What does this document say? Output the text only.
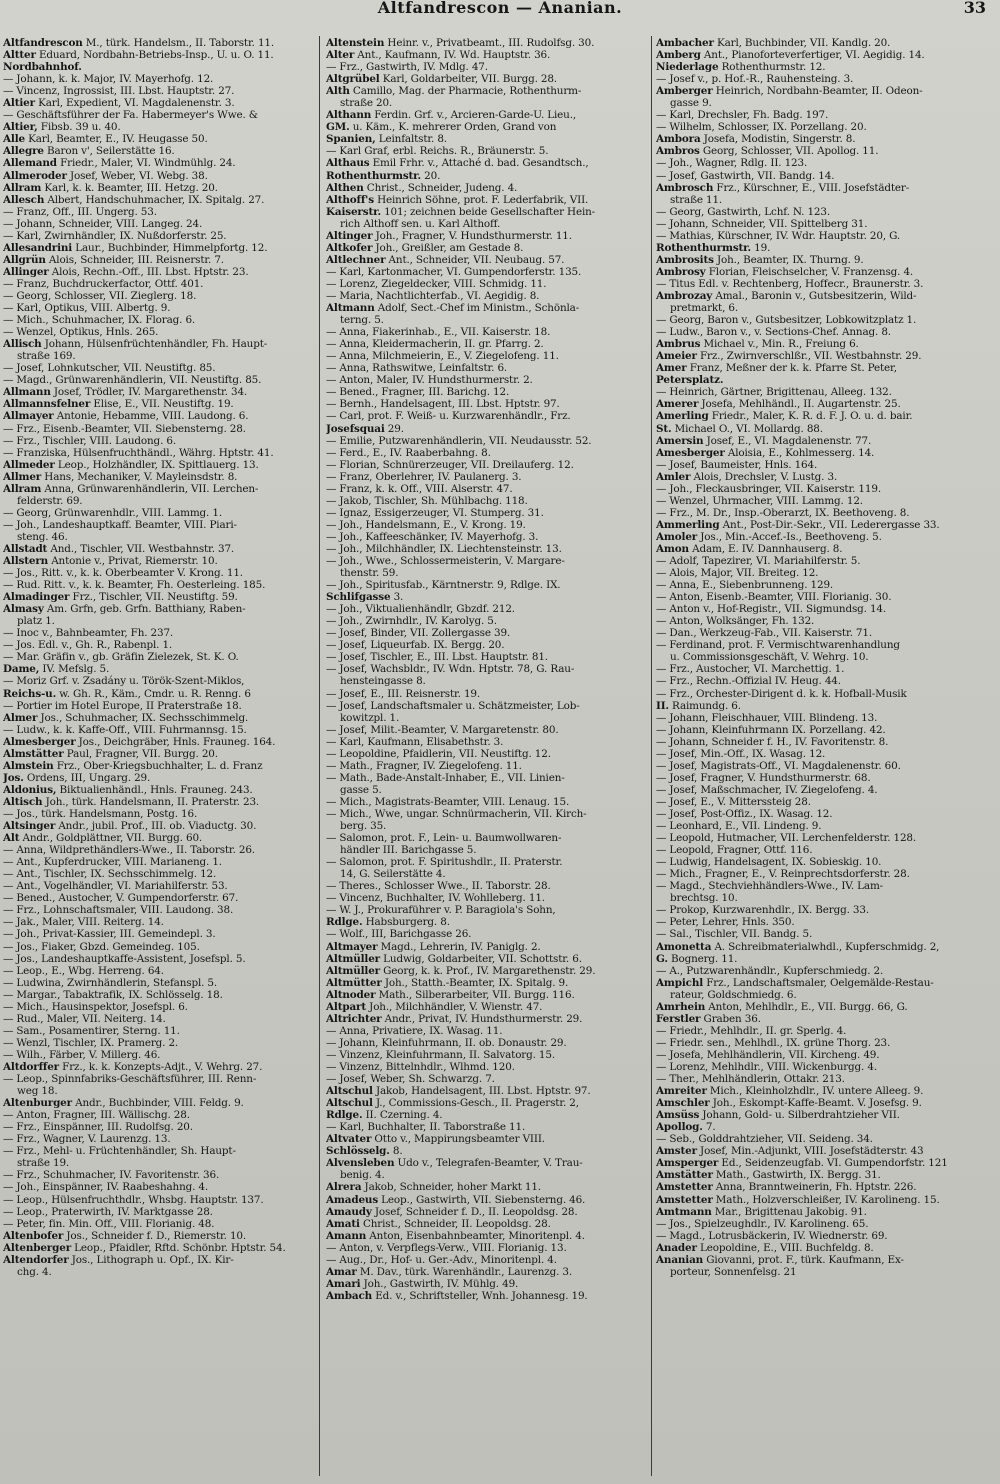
Altfandrescon — Ananian.	33
Altfandrescon M., türk. Handelsm., II. Taborstr. 11.
Altter Eduard, Nordbahn-Betriebs-Insp., U. u. O. 11.
Nordbahnhof.
— Johann, k. k. Major, IV. Mayerhofg. 12.
— Vincenz, Ingrossist, III. Lbst. Hauptstr. 27.
Altier Karl, Expedient, VI. Magdalenenstr. 3.
— Geschäftsführer der Fa. Habermeyer's Wwe. &
Altier, Fibsb. 39 u. 40.
Alle Karl, Beamter, E., IV. Heugasse 50.
Allegre Baron v', Seilerstätte 16.
Allemand Friedr., Maler, VI. Windmühlg. 24.
Allmeroder Josef, Weber, VI. Webg. 38.
Allram Karl, k. k. Beamter, III. Hetzg. 20.
Allesch Albert, Handschuhmacher, IX. Spitalg. 27.
— Franz, Off., III. Ungerg. 53.
— Johann, Schneider, VIII. Langeg. 24.
— Karl, Zwirnhändler, IX. Nußdorferstr. 25.
Allesandrini Laur., Buchbinder, Himmelpfortg. 12.
Allgrün Alois, Schneider, III. Reisnerstr. 7.
Allinger Alois, Rechn.-Off., III. Lbst. Hptstr. 23.
— Franz, Buchdruckerfactor, Ottf. 401.
— Georg, Schlosser, VII. Zieglerg. 18.
— Karl, Optikus, VIII. Albertg. 9.
— Mich., Schuhmacher, IX. Florag. 6.
— Wenzel, Optikus, Hnls. 265.
Allisch Johann, Hülsenfrüchtenhändler, Fh. Haupt-
straße 169.
— Josef, Lohnkutscher, VII. Neustiftg. 85.
— Magd., Grünwarenhändlerin, VII. Neustiftg. 85.
Allmann Josef, Trödler, IV. Margarethenstr. 34.
Allmannsfelner Elise, E., VII. Neustiftg. 19.
Allmayer Antonie, Hebamme, VIII. Laudong. 6.
— Frz., Eisenb.-Beamter, VII. Siebensterng. 28.
— Frz., Tischler, VIII. Laudong. 6.
— Franziska, Hülsenfruchthändl., Währg. Hptstr. 41.
Allmeder Leop., Holzhändler, IX. Spittlauerg. 13.
Allmer Hans, Mechaniker, V. Mayleinsdstr. 8.
Allram Anna, Grünwarenhändlerin, VII. Lerchen-
felderstr. 69.
— Georg, Grünwarenhdlr., VIII. Lammg. 1.
— Joh., Landeshauptkaff. Beamter, VIII. Piari-
steng. 46.
Allstadt And., Tischler, VII. Westbahnstr. 37.
Allstern Antonie v., Privat, Riemerstr. 10.
— Jos., Ritt. v., k. k. Oberbeamter V. Krong. 11.
— Rud. Ritt. v., k. k. Beamter, Fh. Oesterleing. 185.
Almadinger Frz., Tischler, VII. Neustiftg. 59.
Almasy Am. Grfn, geb. Grfn. Batthiany, Raben-
platz 1.
— Inoc v., Bahnbeamter, Fh. 237.
— Jos. Edl. v., Gh. R., Rabenpl. 1.
— Mar. Gräfin v., gb. Gräfin Zielezek, St. K. O.
Dame, IV. Mefslg. 5.
— Moriz Grf. v. Zsadány u. Török-Szent-Miklos,
Reichs-u. w. Gh. R., Käm., Cmdr. u. R. Renng. 6
— Portier im Hotel Europe, II Praterstraße 18.
Almer Jos., Schuhmacher, IX. Sechsschimmelg.
— Ludw., k. k. Kaffe-Off., VIII. Fuhrmannsg. 15.
Almesberger Jos., Deichgräber, Hnls. Frauneg. 164.
Almstätter Paul, Fragner, VII. Burgg. 20.
Almstein Frz., Ober-Kriegsbuchhalter, L. d. Franz
Jos. Ordens, III, Ungarg. 29.
Aldonius, Biktualienhändl., Hnls. Frauneg. 243.
Altisch Joh., türk. Handelsmann, II. Praterstr. 23.
— Jos., türk. Handelsmann, Postg. 16.
Altsinger Andr., jubil. Prof., III. ob. Viaductg. 30.
Alt Andr., Goldplättner, VII. Burgg. 60.
— Anna, Wildprethändlers-Wwe., II. Taborstr. 26.
— Ant., Kupferdrucker, VIII. Marianeng. 1.
— Ant., Tischler, IX. Sechsschimmelg. 12.
— Ant., Vogelhändler, VI. Mariahilferstr. 53.
— Bened., Austocher, V. Gumpendorferstr. 67.
— Frz., Lohnschaftsmaler, VIII. Laudong. 38.
— Jak., Maler, VIII. Reiterg. 14.
— Joh., Privat-Kassier, III. Gemeindepl. 3.
— Jos., Fiaker, Gbzd. Gemeindeg. 105.
— Jos., Landeshauptkaffe-Assistent, Josefspl. 5.
— Leop., E., Wbg. Herreng. 64.
— Ludwina, Zwirnhändlerin, Stefanspl. 5.
— Margar., Tabaktrafik, IX. Schlösselg. 18.
— Mich., Hausinspektor, Josefspl. 6.
— Rud., Maler, VII. Neiterg. 14.
— Sam., Posamentirer, Sterng. 11.
— Wenzl, Tischler, IX. Pramerg. 2.
— Wilh., Färber, V. Millerg. 46.
Altdorffer Frz., k. k. Konzepts-Adjt., V. Wehrg. 27.
— Leop., Spinnfabriks-Geschäftsführer, III. Renn-
weg 18.
Altenburger Andr., Buchbinder, VIII. Feldg. 9.
— Anton, Fragner, III. Wällischg. 28.
— Frz., Einspänner, III. Rudolfsg. 20.
— Frz., Wagner, V. Laurenzg. 13.
— Frz., Mehl- u. Früchtenhändler, Sh. Haupt-
straße 19.
— Frz., Schuhmacher, IV. Favoritenstr. 36.
— Joh., Einspänner, IV. Raabeshahng. 4.
— Leop., Hülsenfruchthdlr., Whsbg. Hauptstr. 137.
— Leop., Praterwirth, IV. Marktgasse 28.
— Peter, fin. Min. Off., VIII. Florianig. 48.
Altenbofer Jos., Schneider f. D., Riemerstr. 10.
Altenberger Leop., Pfaidler, Rftd. Schönbr. Hptstr. 54.
Altendorfer Jos., Lithograph u. Opf., IX. Kir-
chg. 4.
Altenstein Heinr. v., Privatbeamt., III. Rudolfsg. 30.
Alter Ant., Kaufmann, IV. Wd. Hauptstr. 36.
— Frz., Gastwirth, IV. Mdlg. 47.
Altgrübel Karl, Goldarbeiter, VII. Burgg. 28.
Alth Camillo, Mag. der Pharmacie, Rothenthurm-
straße 20.
Althann Ferdin. Grf. v., Arcieren-Garde-U. Lieu.,
GM. u. Käm., K. mehrerer Orden, Grand von
Spanien, Leinfaltstr. 8.
— Karl Graf, erbl. Reichs. R., Bräunerstr. 5.
Althaus Emil Frhr. v., Attaché d. bad. Gesandtsch.,
Rothenthurmstr. 20.
Althen Christ., Schneider, Judeng. 4.
Althoff's Heinrich Söhne, prot. F. Lederfabrik, VII.
Kaiserstr. 101; zeichnen beide Gesellschafter Hein-
rich Althoff sen. u. Karl Althoff.
Altinger Joh., Fragner, V. Hundsthurmerstr. 11.
Altkofer Joh., Greißler, am Gestade 8.
Altlechner Ant., Schneider, VII. Neubaug. 57.
— Karl, Kartonmacher, VI. Gumpendorferstr. 135.
— Lorenz, Ziegeldecker, VIII. Schmidg. 11.
— Maria, Nachtlichterfab., VI. Aegidig. 8.
Altmann Adolf, Sect.-Chef im Ministm., Schönla-
terng. 5.
— Anna, Fiakerinhab., E., VII. Kaiserstr. 18.
— Anna, Kleidermacherin, II. gr. Pfarrg. 2.
— Anna, Milchmeierin, E., V. Ziegelofeng. 11.
— Anna, Rathswitwe, Leinfaltstr. 6.
— Anton, Maler, IV. Hundsthurmerstr. 2.
— Bened., Fragner, III. Barichg. 12.
— Bernh., Handelsagent, III. Lbst. Hptstr. 97.
— Carl, prot. F. Weiß- u. Kurzwarenhändlr., Frz.
Josefsquai 29.
— Emilie, Putzwarenhändlerin, VII. Neudausstr. 52.
— Ferd., E., IV. Raaberbahng. 8.
— Florian, Schnürerzeuger, VII. Dreilauferg. 12.
— Franz, Oberlehrer, IV. Paulanerg. 3.
— Franz, k. k. Off., VIII. Alserstr. 47.
— Jakob, Tischler, Sh. Mühlbachg. 118.
— Ignaz, Essigerzeuger, VI. Stumperg. 31.
— Joh., Handelsmann, E., V. Krong. 19.
— Joh., Kaffeeschänker, IV. Mayerhofg. 3.
— Joh., Milchhändler, IX. Liechtensteinstr. 13.
— Joh., Wwe., Schlossermeisterin, V. Margare-
thenstr. 59.
— Joh., Spiritusfab., Kärntnerstr. 9, Rdlge. IX.
Schlifgasse 3.
— Joh., Viktualienhändlr, Gbzdf. 212.
— Joh., Zwirnhdlr., IV. Karolyg. 5.
— Josef, Binder, VII. Zollergasse 39.
— Josef, Liqueurfab. IX. Bergg. 20.
— Josef, Tischler, E., III. Lbst. Hauptstr. 81.
— Josef, Wachsbldr., IV. Wdn. Hptstr. 78, G. Rau-
hensteingasse 8.
— Josef, E., III. Reisnerstr. 19.
— Josef, Landschaftsmaler u. Schätzmeister, Lob-
kowitzpl. 1.
— Josef, Milit.-Beamter, V. Margaretenstr. 80.
— Karl, Kaufmann, Elisabethstr. 3.
— Leopoldine, Pfaidlerin, VII. Neustiftg. 12.
— Math., Fragner, IV. Ziegelofeng. 11.
— Math., Bade-Anstalt-Inhaber, E., VII. Linien-
gasse 5.
— Mich., Magistrats-Beamter, VIII. Lenaug. 15.
— Mich., Wwe, ungar. Schnürmacherin, VII. Kirch-
berg. 35.
— Salomon, prot. F., Lein- u. Baumwollwaren-
händler III. Barichgasse 5.
— Salomon, prot. F. Spiritushdlr., II. Praterstr.
14, G. Seilerstätte 4.
— Theres., Schlosser Wwe., II. Taborstr. 28.
— Vincenz, Buchhalter, IV. Wohlleberg. 11.
— W. J., Prokuraführer v. P. Baragiola's Sohn,
Rdlge. Habsburgerg. 8.
— Wolf., III, Barichgasse 26.
Altmayer Magd., Lehrerin, IV. Paniglg. 2.
Altmüller Ludwig, Goldarbeiter, VII. Schottstr. 6.
Altmüller Georg, k. k. Prof., IV. Margarethenstr. 29.
Altmütter Joh., Statth.-Beamter, IX. Spitalg. 9.
Altnoder Math., Silberarbeiter, VII. Burgg. 116.
Altpart Joh., Milchhändler, V. Wienstr. 47.
Altrichter Andr., Privat, IV. Hundsthurmerstr. 29.
— Anna, Privatiere, IX. Wasag. 11.
— Johann, Kleinfuhrmann, II. ob. Donaustr. 29.
— Vinzenz, Kleinfuhrmann, II. Salvatorg. 15.
— Vinzenz, Bittelnhdlr., Wlhmd. 120.
— Josef, Weber, Sh. Schwarzg. 7.
Altschul Jakob, Handelsagent, III. Lbst. Hptstr. 97.
Altschul J., Commissions-Gesch., II. Pragerstr. 2,
Rdlge. II. Czerning. 4.
— Karl, Buchhalter, II. Taborstraße 11.
Altvater Otto v., Mappirungsbeamter VIII.
Schlösselg. 8.
Alvensleben Udo v., Telegrafen-Beamter, V. Trau-
benig. 4.
Alrera Jakob, Schneider, hoher Markt 11.
Amadeus Leop., Gastwirth, VII. Siebensterng. 46.
Amaudy Josef, Schneider f. D., II. Leopoldsg. 28.
Amati Christ., Schneider, II. Leopoldsg. 28.
Amann Anton, Eisenbahnbeamter, Minoritenpl. 4.
— Anton, v. Verpflegs-Verw., VIII. Florianig. 13.
— Aug., Dr., Hof- u. Ger.-Adv., Minoritenpl. 4.
Amar M. Dav., türk. Warenhändlr., Laurenzg. 3.
Amari Joh., Gastwirth, IV. Mühlg. 49.
Ambach Ed. v., Schriftsteller, Wnh. Johannesg. 19.
Ambacher Karl, Buchbinder, VII. Kandlg. 20.
Amberg Ant., Pianofortеverfertiger, VI. Aegidig. 14.
Niederlage Rothenthurmstr. 12.
— Josef v., p. Hof.-R., Rauhensteing. 3.
Amberger Heinrich, Nordbahn-Beamter, II. Odeon-
gasse 9.
— Karl, Drechsler, Fh. Badg. 197.
— Wilhelm, Schlosser, IX. Porzellang. 20.
Ambora Josefa, Modistin, Singerstr. 8.
Ambros Georg, Schlosser, VII. Apollog. 11.
— Joh., Wagner, Rdlg. II. 123.
— Josef, Gastwirth, VII. Bandg. 14.
Ambrosch Frz., Kürschner, E., VIII. Josefstädter-
straße 11.
— Georg, Gastwirth, Lchf. N. 123.
— Johann, Schneider, VII. Spittelberg 31.
— Mathias, Kürschner, IV. Wdr. Hauptstr. 20, G.
Rothenthurmstr. 19.
Ambrosits Joh., Beamter, IX. Thurng. 9.
Ambrosy Florian, Fleischselcher, V. Franzensg. 4.
— Titus Edl. v. Rechtenberg, Hoffecr., Braunerstr. 3.
Ambrozay Amal., Baronin v., Gutsbesitzerin, Wild-
pretmarkt, 6.
— Georg, Baron v., Gutsbesitzer, Lobkowitzplatz 1.
— Ludw., Baron v., v. Sections-Chef. Annag. 8.
Ambrus Michael v., Min. R., Freiung 6.
Ameier Frz., Zwirnverschlßr., VII. Westbahnstr. 29.
Amer Franz, Meßner der k. k. Pfarre St. Peter,
Petersplatz.
— Heinrich, Gärtner, Brigittenau, Alleeg. 132.
Amerer Josefa, Mehlhändl., II. Augartenstr. 25.
Amerling Friedr., Maler, K. R. d. F. J. O. u. d. bair.
St. Michael O., VI. Mollardg. 88.
Amersin Josef, E., VI. Magdalenenstr. 77.
Amesberger Aloisia, E., Kohlmesserg. 14.
— Josef, Baumeister, Hnls. 164.
Amler Alois, Drechsler, V. Lustg. 3.
— Joh., Fleckausbringer, VII. Kaiserstr. 119.
— Wenzel, Uhrmacher, VIII. Lammg. 12.
— Frz., M. Dr., Insp.-Oberarzt, IX. Beethoveng. 8.
Ammerling Ant., Post-Dir.-Sekr., VII. Lederergasse 33.
Amoler Jos., Min.-Accef.-Is., Beethoveng. 5.
Amon Adam, E. IV. Dannhauserg. 8.
— Adolf, Tapezirer, VI. Mariahilferstr. 5.
— Alois, Major, VII. Breiteg. 12.
— Anna, E., Siebenbrunneng. 129.
— Anton, Eisenb.-Beamter, VIII. Florianig. 30.
— Anton v., Hof-Registr., VII. Sigmundsg. 14.
— Anton, Wolksänger, Fh. 132.
— Dan., Werkzeug-Fab., VII. Kaiserstr. 71.
— Ferdinand, prot. F. Vermischtwarenhandlung
u. Commissionsgeschäft, V. Wehrg. 10.
— Frz., Austocher, VI. Marchettig. 1.
— Frz., Rechn.-Offizial IV. Heug. 44.
— Frz., Orchester-Dirigent d. k. k. Hofball-Musik
II. Raimundg. 6.
— Johann, Fleischhauer, VIII. Blindeng. 13.
— Johann, Kleinfuhrmann IX. Porzellang. 42.
— Johann, Schneider f. H., IV. Favoritenstr. 8.
— Josef, Min.-Off., IX. Wasag. 12.
— Josef, Magistrats-Off., VI. Magdalenenstr. 60.
— Josef, Fragner, V. Hundsthurmerstr. 68.
— Josef, Maßschmacher, IV. Ziegelofeng. 4.
— Josef, E., V. Mitterssteig 28.
— Josef, Post-Offiz., IX. Wasag. 12.
— Leonhard, E., VII. Lindeng. 9.
— Leopold, Hutmacher, VII. Lerchenfelderstr. 128.
— Leopold, Fragner, Ottf. 116.
— Ludwig, Handelsagent, IX. Sobieskig. 10.
— Mich., Fragner, E., V. Reinprechtsdorferstr. 28.
— Magd., Stechviehhändlers-Wwe., IV. Lam-
brechtsg. 10.
— Prokop, Kurzwarenhdlr., IX. Bergg. 33.
— Peter, Lehrer, Hnls. 350.
— Sal., Tischler, VII. Bandg. 5.
Amonetta A. Schreibmaterialwhdl., Kupferschmidg. 2,
G. Bognerg. 11.
— A., Putzwarenhändlr., Kupferschmiedg. 2.
Ampichl Frz., Landschaftsmaler, Oelgemälde-Restau-
rateur, Goldschmiedg. 6.
Amrhein Anton, Mehlhdlr., E., VII. Burgg. 66, G.
Ferstler Graben 36.
— Friedr., Mehlhdlr., II. gr. Sperlg. 4.
— Friedr. sen., Mehlhdl., IX. grüne Thorg. 23.
— Josefa, Mehlhändlerin, VII. Kircheng. 49.
— Lorenz, Mehlhdlr., VIII. Wickenburgg. 4.
— Ther., Mehlhändlerin, Ottakr. 213.
Amreiter Mich., Kleinholzhdlr., IV. untere Alleeg. 9.
Amschler Joh., Eskompt-Kaffe-Beamt. V. Josefsg. 9.
Amsüss Johann, Gold- u. Silberdrahtzieher VII.
Apollog. 7.
— Seb., Golddrahtzieher, VII. Seideng. 34.
Amster Josef, Min.-Adjunkt, VIII. Josefstädterstr. 43
Amsperger Ed., Seidenzeugfab. VI. Gumpendorfstr. 121
Amstätter Math., Gastwirth, IX. Bergg. 31.
Amstetter Anna, Branntweinerin, Fh. Hptstr. 226.
Amstetter Math., Holzverschleißer, IV. Karolineng. 15.
Amtmann Mar., Brigittenau Jakobig. 91.
— Jos., Spielzeughdlr., IV. Karolineng. 65.
— Magd., Lotrusbäckerin, IV. Wiednerstr. 69.
Anader Leopoldine, E., VIII. Buchfeldg. 8.
Ananian Giovanni, prot. F., türk. Kaufmann, Ex-
porteur, Sonnenfelsg. 21
